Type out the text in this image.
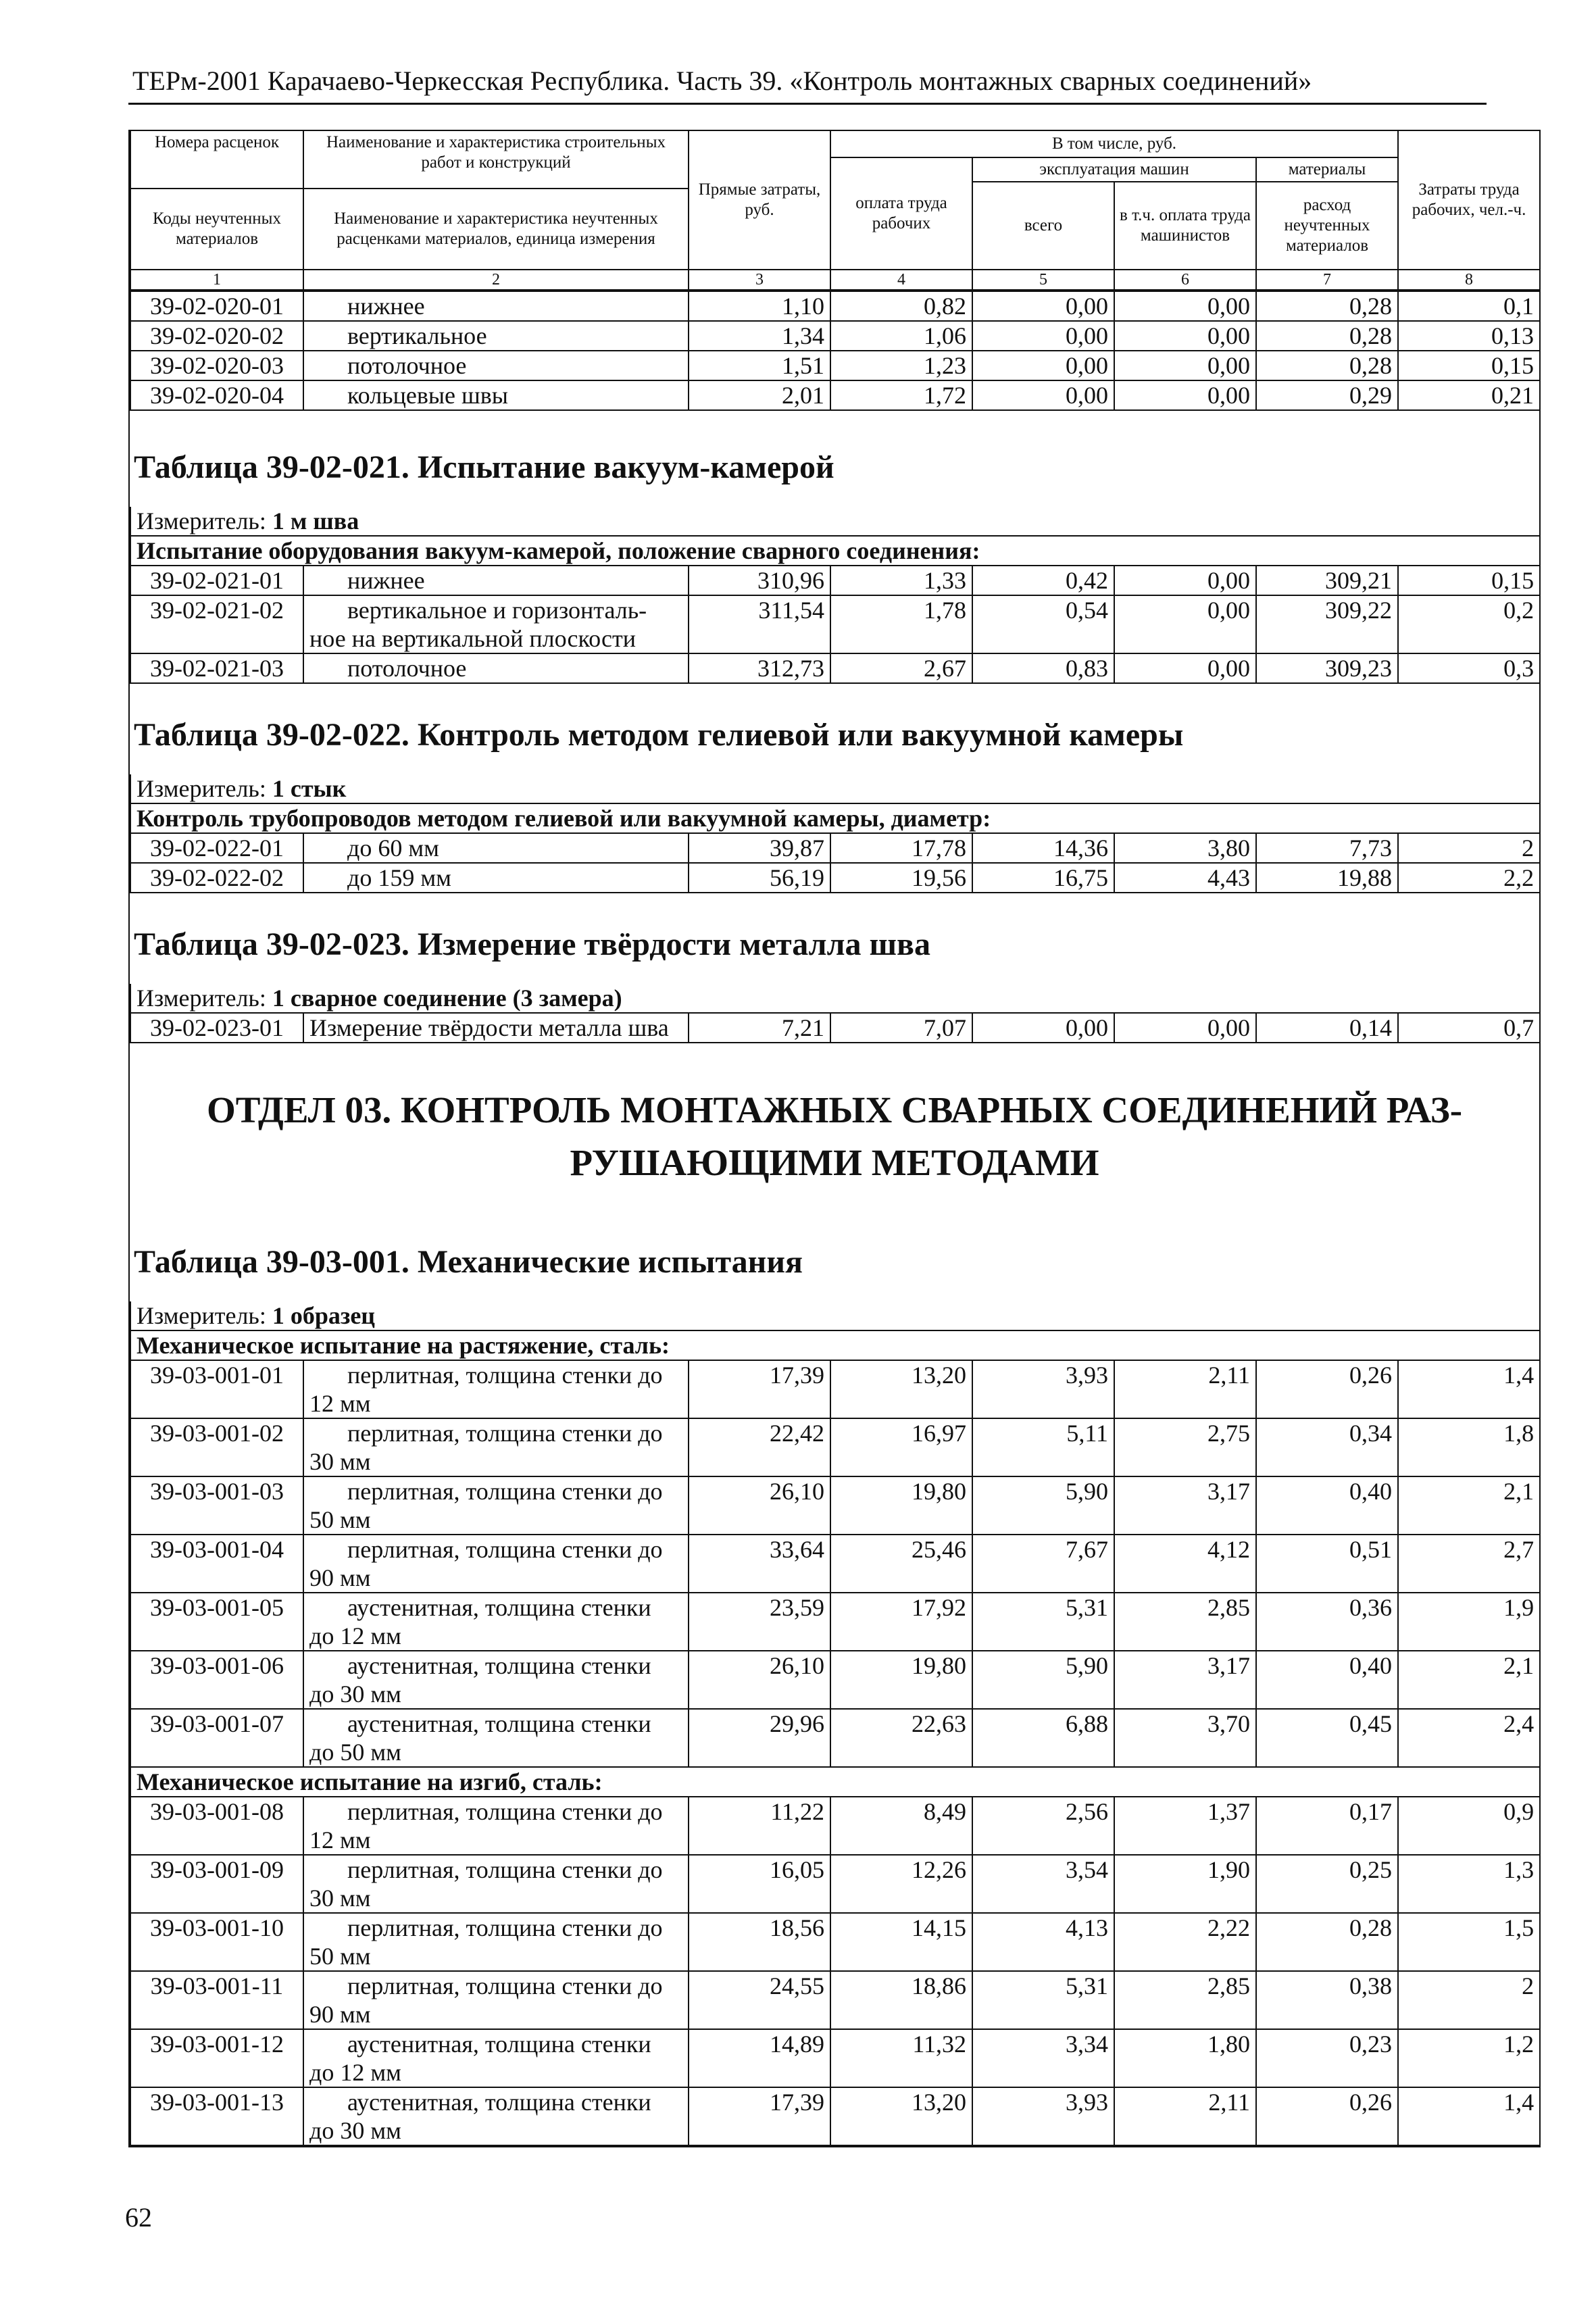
ТЕРм-2001 Карачаево-Черкесская Республика. Часть 39. «Контроль монтажных сварных соединений»
Номера расценок	Наименование и характеристика строительных работ и конструкций	Прямые затраты, руб.	В том числе, руб.				Затраты труда рабочих, чел.-ч.
			оплата труда рабочих	эксплуатация машин		материалы	
				всего	в т.ч. оплата труда машинистов	расход неучтенных материалов	
Коды неучтенных материалов	Наименование и характеристика неучтенных расценками материалов, единица измерения						

1	2	3	4	5	6	7	8
39-02-020-01	нижнее	1,10	0,82	0,00	0,00	0,28	0,1
39-02-020-02	вертикальное	1,34	1,06	0,00	0,00	0,28	0,13
39-02-020-03	потолочное	1,51	1,23	0,00	0,00	0,28	0,15
39-02-020-04	кольцевые швы	2,01	1,72	0,00	0,00	0,29	0,21
Таблица 39-02-021. Испытание вакуум-камерой
Измеритель: 1 м шва							
Испытание оборудования вакуум-камерой, положение сварного соединения:							
39-02-021-01	нижнее	310,96	1,33	0,42	0,00	309,21	0,15
39-02-021-02	вертикальное и горизонталь-
ное на вертикальной плоскости	311,54	1,78	0,54	0,00	309,22	0,2
39-02-021-03	потолочное	312,73	2,67	0,83	0,00	309,23	0,3
Таблица 39-02-022. Контроль методом гелиевой или вакуумной камеры
Измеритель: 1 стык							
Контроль трубопроводов методом гелиевой или вакуумной камеры, диаметр:							
39-02-022-01	до 60 мм	39,87	17,78	14,36	3,80	7,73	2
39-02-022-02	до 159 мм	56,19	19,56	16,75	4,43	19,88	2,2
Таблица 39-02-023. Измерение твёрдости металла шва
Измеритель: 1 сварное соединение (3 замера)
39-02-023-01	Измерение твёрдости металла шва	7,21	7,07	0,00	0,00	0,14	0,7
ОТДЕЛ 03. КОНТРОЛЬ МОНТАЖНЫХ СВАРНЫХ СОЕДИНЕНИЙ РАЗ-
РУШАЮЩИМИ МЕТОДАМИ
Таблица 39-03-001. Механические испытания
Измеритель: 1 образец							
Механическое испытание на растяжение, сталь:							
39-03-001-01	перлитная, толщина стенки до
12 мм	17,39	13,20	3,93	2,11	0,26	1,4
39-03-001-02	перлитная, толщина стенки до
30 мм	22,42	16,97	5,11	2,75	0,34	1,8
39-03-001-03	перлитная, толщина стенки до
50 мм	26,10	19,80	5,90	3,17	0,40	2,1
39-03-001-04	перлитная, толщина стенки до
90 мм	33,64	25,46	7,67	4,12	0,51	2,7
39-03-001-05	аустенитная, толщина стенки
до 12 мм	23,59	17,92	5,31	2,85	0,36	1,9
39-03-001-06	аустенитная, толщина стенки
до 30 мм	26,10	19,80	5,90	3,17	0,40	2,1
39-03-001-07	аустенитная, толщина стенки
до 50 мм	29,96	22,63	6,88	3,70	0,45	2,4
Механическое испытание на изгиб, сталь:							
39-03-001-08	перлитная, толщина стенки до
12 мм	11,22	8,49	2,56	1,37	0,17	0,9
39-03-001-09	перлитная, толщина стенки до
30 мм	16,05	12,26	3,54	1,90	0,25	1,3
39-03-001-10	перлитная, толщина стенки до
50 мм	18,56	14,15	4,13	2,22	0,28	1,5
39-03-001-11	перлитная, толщина стенки до
90 мм	24,55	18,86	5,31	2,85	0,38	2
39-03-001-12	аустенитная, толщина стенки
до 12 мм	14,89	11,32	3,34	1,80	0,23	1,2
39-03-001-13	аустенитная, толщина стенки
до 30 мм	17,39	13,20	3,93	2,11	0,26	1,4
62
